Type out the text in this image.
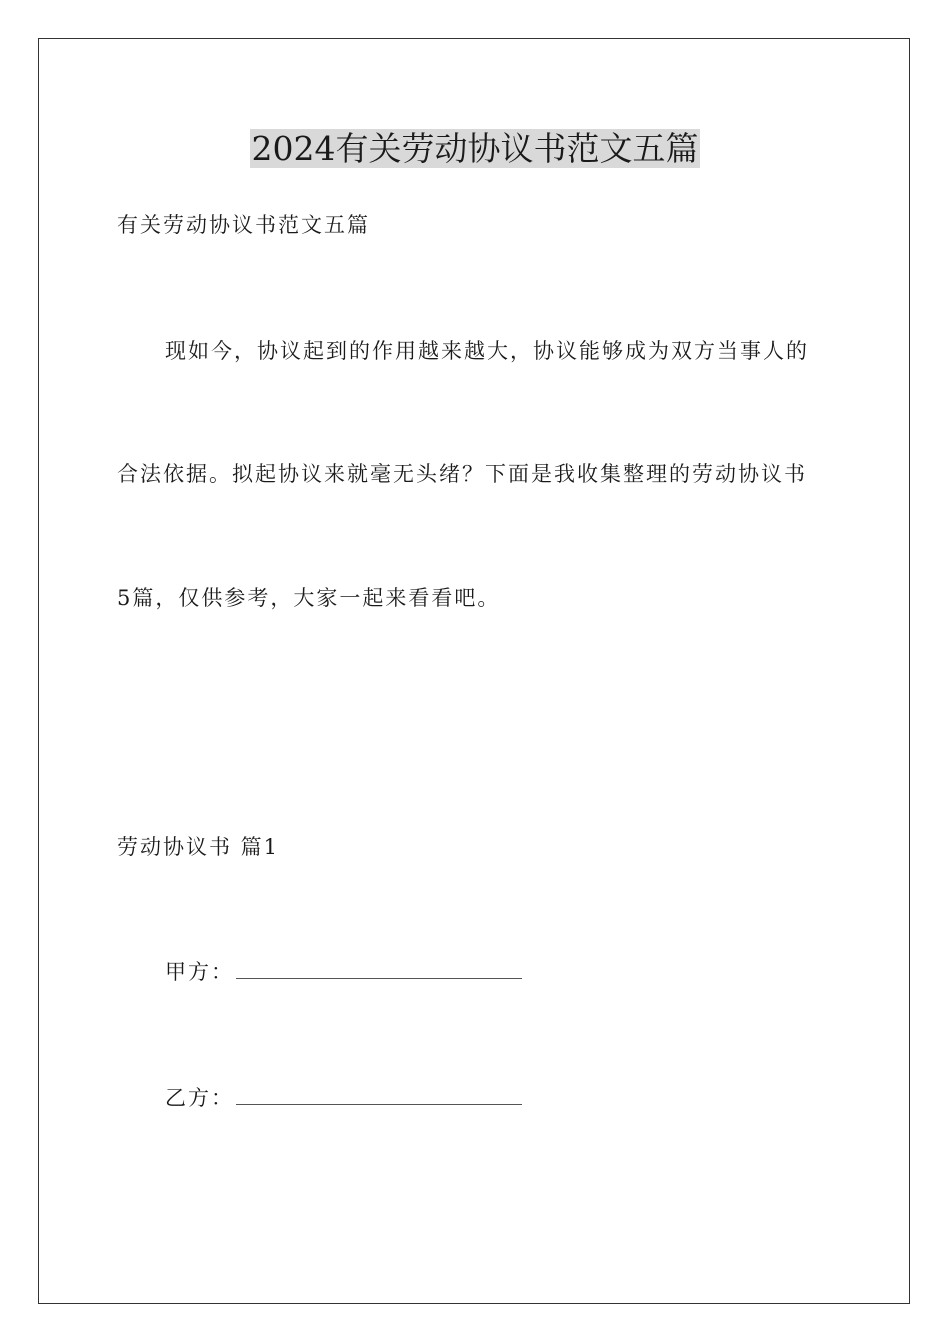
2024有关劳动协议书范文五篇
有关劳动协议书范文五篇
现如今，协议起到的作用越来越大，协议能够成为双方当事人的
合法依据。拟起协议来就毫无头绪？下面是我收集整理的劳动协议书
5篇，仅供参考，大家一起来看看吧。
劳动协议书 篇1
甲方：
乙方：
